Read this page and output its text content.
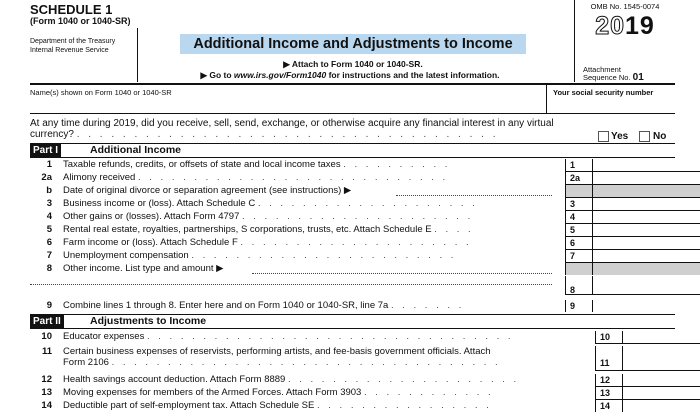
SCHEDULE 1
(Form 1040 or 1040-SR)
Department of the Treasury
Internal Revenue Service	Additional Income and Adjustments to Income
▶ Attach to Form 1040 or 1040-SR.
▶ Go to www.irs.gov/Form1040 for instructions and the latest information.
OMB No. 1545-0074
2019
Attachment
Sequence No. 01
Name(s) shown on Form 1040 or 1040-SR	Your social security number
At any time during 2019, did you receive, sell, send, exchange, or otherwise acquire any financial interest in any virtual currency? . . . . . . . . . . . . . . . . . . . . . . . . . . . . . . . . . . . . .	Yes No
Part I	Additional Income
1 Taxable refunds, credits, or offsets of state and local income taxes . . . . . . . . . .	1
2a Alimony received . . . . . . . . . . . . . . . . . . . . . . . . . . . .	2a
b Date of original divorce or separation agreement (see instructions) ▶
3 Business income or (loss). Attach Schedule C . . . . . . . . . . . . . . . . . . . .	3
4 Other gains or (losses). Attach Form 4797 . . . . . . . . . . . . . . . . . . . . .	4
5 Rental real estate, royalties, partnerships, S corporations, trusts, etc. Attach Schedule E . . . .	5
6 Farm income or (loss). Attach Schedule F . . . . . . . . . . . . . . . . . . . . .	6
7 Unemployment compensation . . . . . . . . . . . . . . . . . . . . . . . .	7
8 Other income. List type and amount ▶
8
9 Combine lines 1 through 8. Enter here and on Form 1040 or 1040-SR, line 7a . . . . . . .	9
Part II	Adjustments to Income
10 Educator expenses . . . . . . . . . . . . . . . . . . . . . . . . . . . . . . . . .	10
11 Certain business expenses of reservists, performing artists, and fee-basis government officials. Attach
Form 2106 . . . . . . . . . . . . . . . . . . . . . . . . . . . . . . . . . . .	11
12 Health savings account deduction. Attach Form 8889 . . . . . . . . . . . . . . . . . . . . .	12
13 Moving expenses for members of the Armed Forces. Attach Form 3903 . . . . . . . . . . . .	13
14 Deductible part of self-employment tax. Attach Schedule SE . . . . . . . . . . . . . . . .	14
